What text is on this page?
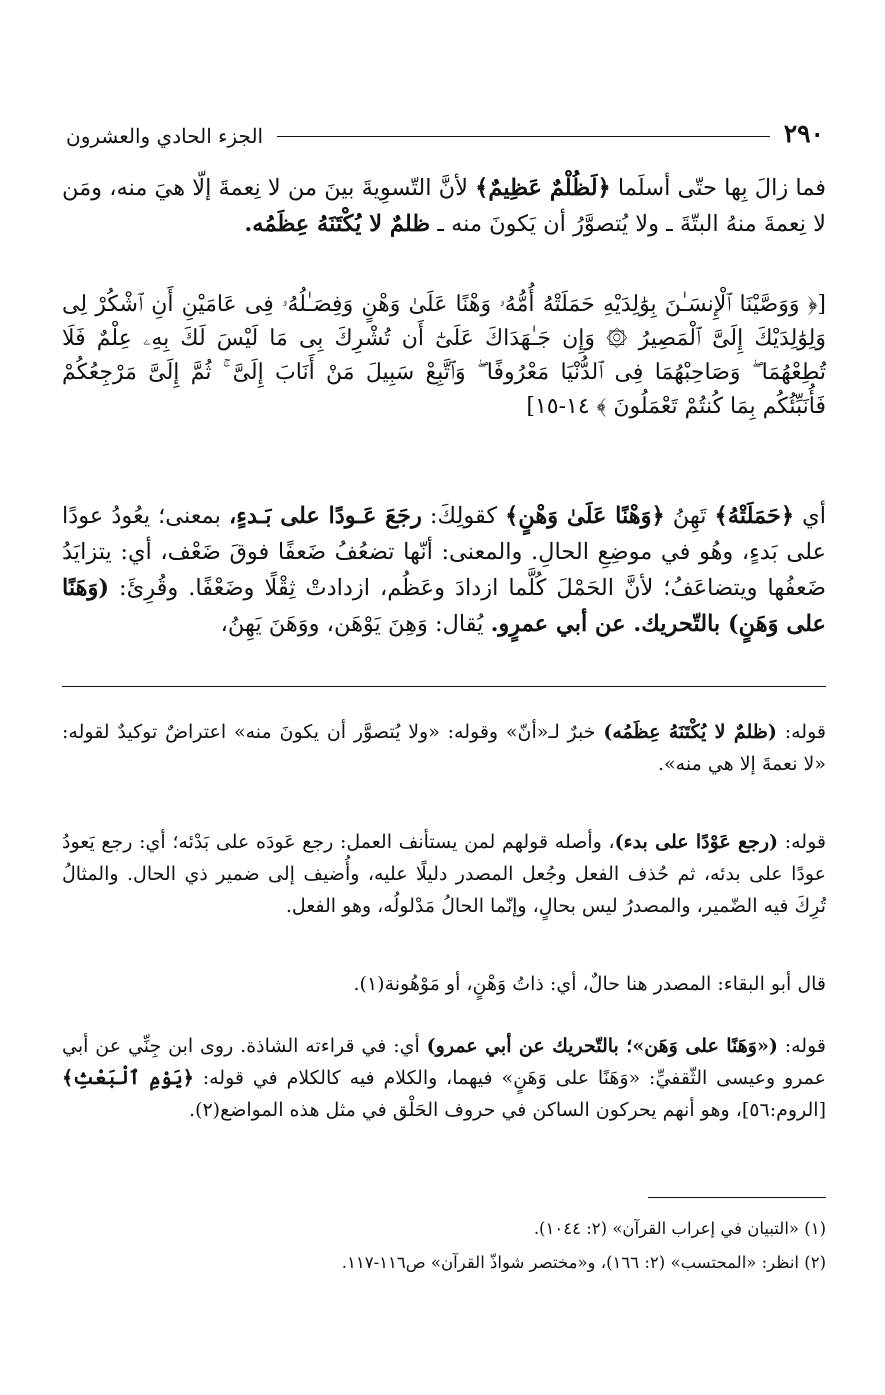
٢٩٠
الجزء الحادي والعشرون
فما زالَ بِها حتّى أسلَما ﴿لَظُلْمٌ عَظِيمٌ﴾ لأنَّ التّسوِيةَ بينَ من لا نِعمةَ إلّا هيَ منه، ومَن لا نِعمةَ منهُ البتّةَ ـ ولا يُتصوَّرُ أن يَكونَ منه ـ ظلمٌ لا يُكْتَنَهُ عِظَمُه.
[﴿ وَوَصَّيْنَا ٱلْإِنسَـٰنَ بِوَٰلِدَيْهِ حَمَلَتْهُ أُمُّهُۥ وَهْنًا عَلَىٰ وَهْنٍ وَفِصَـٰلُهُۥ فِى عَامَيْنِ أَنِ ٱشْكُرْ لِى وَلِوَٰلِدَيْكَ إِلَىَّ ٱلْمَصِيرُ ۞ وَإِن جَـٰهَدَاكَ عَلَىٰٓ أَن تُشْرِكَ بِى مَا لَيْسَ لَكَ بِهِۦ عِلْمٌ فَلَا تُطِعْهُمَا ۖ وَصَاحِبْهُمَا فِى ٱلدُّنْيَا مَعْرُوفًا ۖ وَٱتَّبِعْ سَبِيلَ مَنْ أَنَابَ إِلَىَّ ۚ ثُمَّ إِلَىَّ مَرْجِعُكُمْ فَأُنَبِّئُكُم بِمَا كُنتُمْ تَعْمَلُونَ ﴾ ١٤-١٥]
أي ﴿حَمَلَتْهُ﴾ تَهِنُ ﴿وَهْنًا عَلَىٰ وَهْنٍ﴾ كقولِكَ: رجَعَ عَـودًا على بَـدءٍ، بمعنى؛ يعُودُ عودًا على بَدءٍ، وهُو في موضِعِ الحالِ. والمعنى: أنّها تضعُفُ ضَعفًا فوقَ ضَعْف، أي: يتزايَدُ ضَعفُها ويتضاعَفُ؛ لأنَّ الحَمْلَ كُلَّما ازدادَ وعَظُم، ازدادتْ ثِقْلًا وضَعْفًا. وقُرِئَ: (وَهَنًا على وَهَنٍ) بالتّحريك. عن أبي عمرٍو. يُقال: وَهِنَ يَوْهَن، ووَهَنَ يَهِنُ،
قوله: (ظلمٌ لا يُكْتَنَهُ عِظَمُه) خبرٌ لـ«أنّ» وقوله: «ولا يُتصوَّر أن يكونَ منه» اعتراضٌ توكيدٌ لقوله: «لا نعمةَ إلا هي منه».
قوله: (رجع عَوْدًا على بدء)، وأصله قولهم لمن يستأنف العمل: رجع عَودَه على بَدْئه؛ أي: رجع يَعودُ عودًا على بدئه، ثم حُذف الفعل وجُعل المصدر دليلًا عليه، وأُضيف إلى ضمير ذي الحال. والمثالُ تُرِكَ فيه الضّمير، والمصدرُ ليس بحالٍ، وإنّما الحالُ مَدْلولُه، وهو الفعل.
قال أبو البقاء: المصدر هنا حالٌ، أي: ذاتُ وَهْنٍ، أو مَوْهُونة(١).
قوله: («وَهَنًا على وَهَن»؛ بالتّحريك عن أبي عمرو) أي: في قراءته الشاذة. روى ابن جِنِّي عن أبي عمرو وعيسى الثّقفيِّ: «وَهَنًا على وَهَنٍ» فيهما، والكلام فيه كالكلام في قوله: ﴿يَوْمِ ٱلْبَعْثِ﴾ [الروم:٥٦]، وهو أنهم يحركون الساكن في حروف الحَلْق في مثل هذه المواضع(٢).
(١) «التبيان في إعراب القرآن» (٢: ١٠٤٤).
(٢) انظر: «المحتسب» (٢: ١٦٦)، و«مختصر شواذّ القرآن» ص١١٦-١١٧.
